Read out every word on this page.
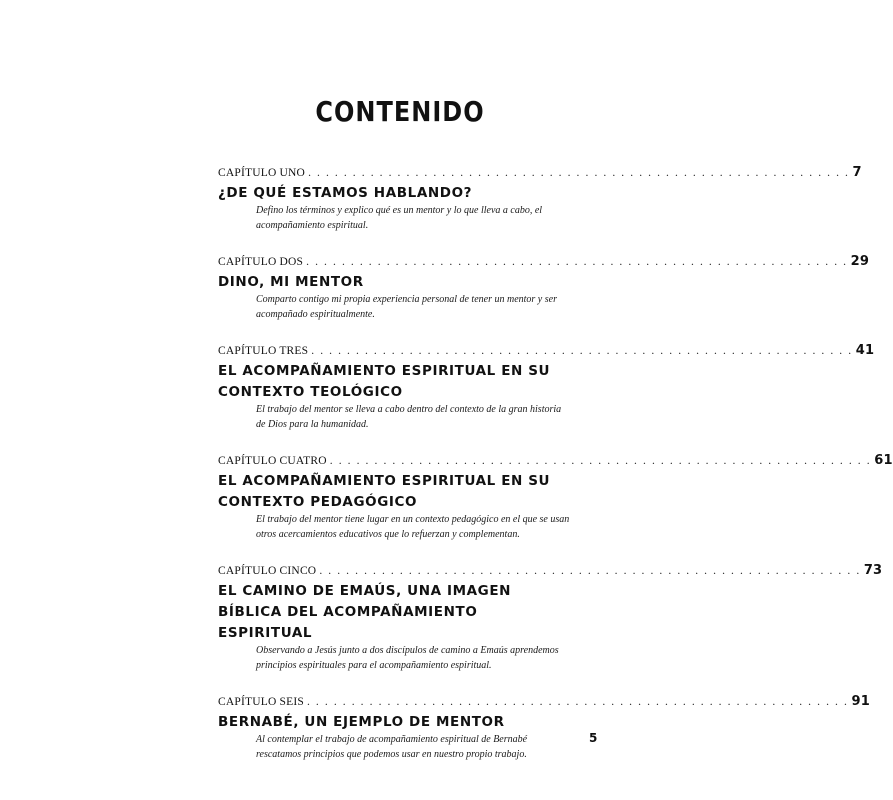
CONTENIDO
CAPÍTULO UNO . . . . . . . . . . . . . . . . . . . . . . . . . . . . . . . . . . . . . . . . . . . . . . . . . . . . . . . . . . . . . 7
¿DE QUÉ ESTAMOS HABLANDO?
Defino los términos y explico qué es un mentor y lo que lleva a cabo, el acompañamiento espiritual.
CAPÍTULO DOS . . . . . . . . . . . . . . . . . . . . . . . . . . . . . . . . . . . . . . . . . . . . . . . . . . . . . . . . . . . . . 29
DINO, MI MENTOR
Comparto contigo mi propia experiencia personal de tener un mentor y ser acompañado espiritualmente.
CAPÍTULO TRES . . . . . . . . . . . . . . . . . . . . . . . . . . . . . . . . . . . . . . . . . . . . . . . . . . . . . . . . . . . . . 41
EL ACOMPAÑAMIENTO ESPIRITUAL EN SU CONTEXTO TEOLÓGICO
El trabajo del mentor se lleva a cabo dentro del contexto de la gran historia de Dios para la humanidad.
CAPÍTULO CUATRO . . . . . . . . . . . . . . . . . . . . . . . . . . . . . . . . . . . . . . . . . . . . . . . . . . . . . . . . . . . . . 61
EL ACOMPAÑAMIENTO ESPIRITUAL EN SU CONTEXTO PEDAGÓGICO
El trabajo del mentor tiene lugar en un contexto pedagógico en el que se usan otros acercamientos educativos que lo refuerzan y complementan.
CAPÍTULO CINCO . . . . . . . . . . . . . . . . . . . . . . . . . . . . . . . . . . . . . . . . . . . . . . . . . . . . . . . . . . . . . 73
EL CAMINO DE EMAÚS, UNA IMAGEN BÍBLICA DEL ACOMPAÑAMIENTO ESPIRITUAL
Observando a Jesús junto a dos discípulos de camino a Emaús aprendemos principios espirituales para el acompañamiento espiritual.
CAPÍTULO SEIS . . . . . . . . . . . . . . . . . . . . . . . . . . . . . . . . . . . . . . . . . . . . . . . . . . . . . . . . . . . . . 91
BERNABÉ, UN EJEMPLO DE MENTOR
Al contemplar el trabajo de acompañamiento espiritual de Bernabé rescatamos principios que podemos usar en nuestro propio trabajo.
5
